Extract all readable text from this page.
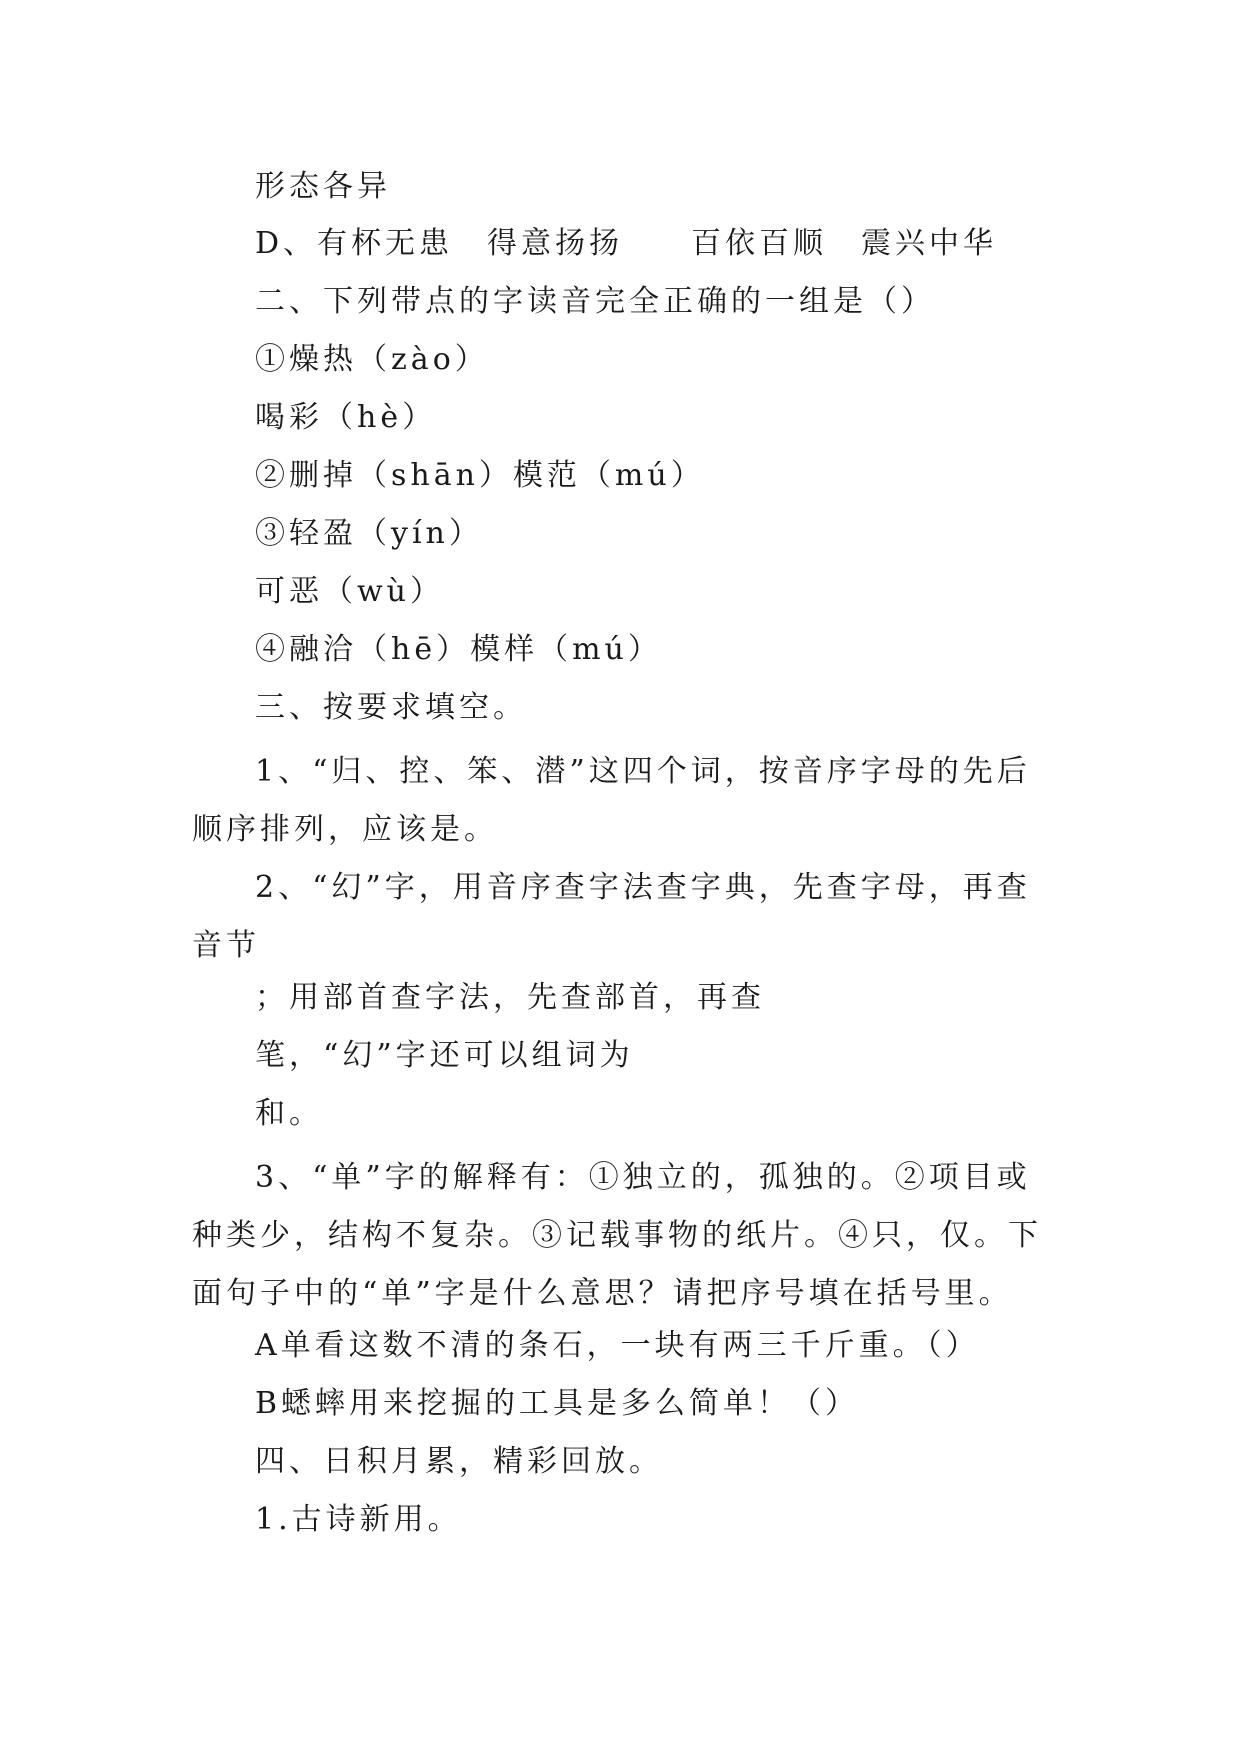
形态各异
D、有杯无患　得意扬扬　　百依百顺　震兴中华
二、下列带点的字读音完全正确的一组是（）
①燥热（zào）
喝彩（hè）
②删掉（shān）模范（mú）
③轻盈（yín）
可恶（wù）
④融洽（hē）模样（mú）
三、按要求填空。
1、“归、控、笨、潜”这四个词，按音序字母的先后顺序排列，应该是。
2、“幻”字，用音序查字法查字典，先查字母，再查音节
；用部首查字法，先查部首，再查
笔，“幻”字还可以组词为
和。
3、“单”字的解释有：①独立的，孤独的。②项目或种类少，结构不复杂。③记载事物的纸片。④只，仅。下面句子中的“单”字是什么意思？请把序号填在括号里。
A单看这数不清的条石，一块有两三千斤重。（）
B蟋蟀用来挖掘的工具是多么简单！（）
四、日积月累，精彩回放。
1.古诗新用。
